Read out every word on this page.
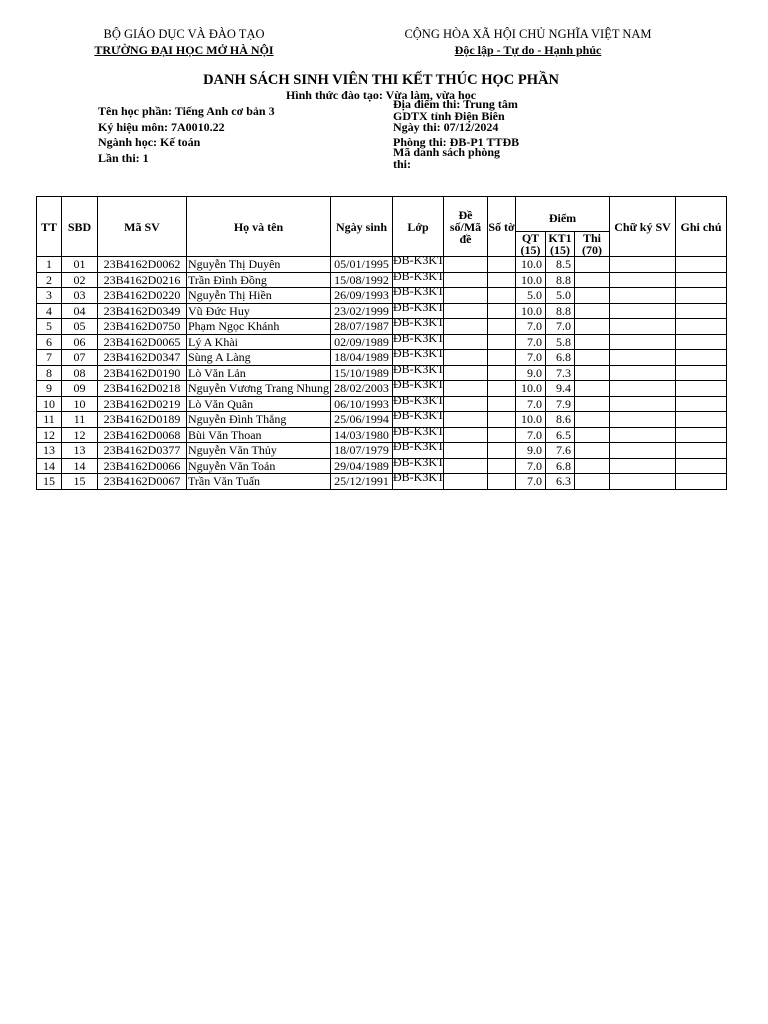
BỘ GIÁO DỤC VÀ ĐÀO TẠO
TRƯỜNG ĐẠI HỌC MỞ HÀ NỘI
CỘNG HÒA XÃ HỘI CHỦ NGHĨA VIỆT NAM
Độc lập - Tự do - Hạnh phúc
DANH SÁCH SINH VIÊN THI KẾT THÚC HỌC PHẦN
Hình thức đào tạo: Vừa làm, vừa học
Tên học phần: Tiếng Anh cơ bản 3
Ký hiệu môn: 7A0010.22
Ngành học: Kế toán
Lần thi: 1
Địa điểm thi: Trung tâm GDTX tỉnh Điện Biên
Ngày thi: 07/12/2024
Phòng thi: ĐB-P1 TTĐB
Mã danh sách phòng thi:
TT	SBD	Mã SV	Họ và tên	Ngày sinh	Lớp	Đề số/Mã đề	Số tờ	Điểm			Chữ ký SV	Ghi chú
								QT (15)	KT1 (15)	Thi (70)		
1	01	23B4162D0062	Nguyễn Thị Duyên	05/01/1995	ĐB-K3KT			10.0	8.5			
2	02	23B4162D0216	Trần Đình Đồng	15/08/1992	ĐB-K3KT			10.0	8.8			
3	03	23B4162D0220	Nguyễn Thị Hiền	26/09/1993	ĐB-K3KT			5.0	5.0			
4	04	23B4162D0349	Vũ Đức Huy	23/02/1999	ĐB-K3KT			10.0	8.8			
5	05	23B4162D0750	Phạm Ngọc Khánh	28/07/1987	ĐB-K3KT			7.0	7.0			
6	06	23B4162D0065	Lý A Khài	02/09/1989	ĐB-K3KT			7.0	5.8			
7	07	23B4162D0347	Sùng A Làng	18/04/1989	ĐB-K3KT			7.0	6.8			
8	08	23B4162D0190	Lò Văn Lản	15/10/1989	ĐB-K3KT			9.0	7.3			
9	09	23B4162D0218	Nguyễn Vương Trang Nhung	28/02/2003	ĐB-K3KT			10.0	9.4			
10	10	23B4162D0219	Lò Văn Quân	06/10/1993	ĐB-K3KT			7.0	7.9			
11	11	23B4162D0189	Nguyễn Đình Thắng	25/06/1994	ĐB-K3KT			10.0	8.6			
12	12	23B4162D0068	Bùi Văn Thoan	14/03/1980	ĐB-K3KT			7.0	6.5			
13	13	23B4162D0377	Nguyễn Văn Thủy	18/07/1979	ĐB-K3KT			9.0	7.6			
14	14	23B4162D0066	Nguyễn Văn Toản	29/04/1989	ĐB-K3KT			7.0	6.8			
15	15	23B4162D0067	Trần Văn Tuấn	25/12/1991	ĐB-K3KT			7.0	6.3			
